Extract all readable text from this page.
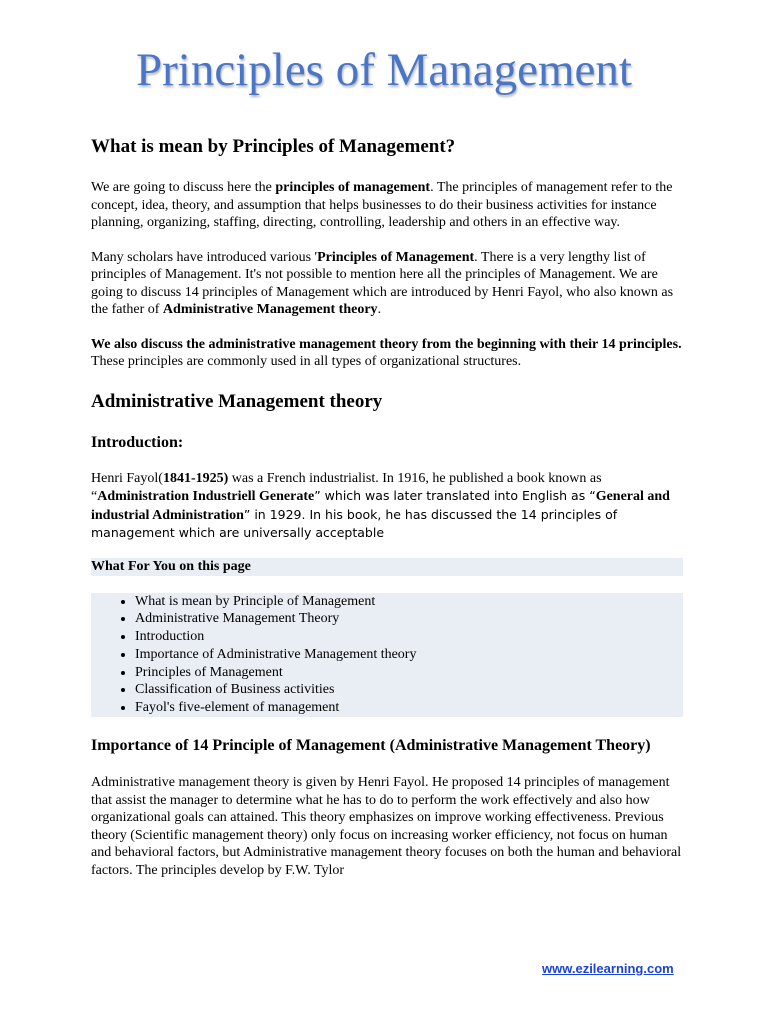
Principles of Management
What is mean by Principles of Management?

We are going to discuss here the principles of management. The principles of management refer to the concept, idea, theory, and assumption that helps businesses to do their business activities for instance planning, organizing, staffing, directing, controlling, leadership and others in an effective way.

Many scholars have introduced various 'Principles of Management. There is a very lengthy list of principles of Management. It's not possible to mention here all the principles of Management. We are going to discuss 14 principles of Management which are introduced by Henri Fayol, who also known as the father of Administrative Management theory.

We also discuss the administrative management theory from the beginning with their 14 principles. These principles are commonly used in all types of organizational structures.

Administrative Management theory
Introduction:

Henri Fayol(1841-1925) was a French industrialist. In 1916, he published a book known as “Administration Industriell Generate” which was later translated into English as “General and industrial Administration” in 1929. In his book, he has discussed the 14 principles of management which are universally acceptable

What For You on this page
• What is mean by Principle of Management
• Administrative Management Theory
• Introduction
• Importance of Administrative Management theory
• Principles of Management
• Classification of Business activities
• Fayol's five-element of management
Importance of 14 Principle of Management (Administrative Management Theory)

Administrative management theory is given by Henri Fayol. He proposed 14 principles of management that assist the manager to determine what he has to do to perform the work effectively and also how organizational goals can attained. This theory emphasizes on improve working effectiveness. Previous theory (Scientific management theory) only focus on increasing worker efficiency, not focus on human and behavioral factors, but Administrative management theory focuses on both the human and behavioral factors. The principles develop by F.W. Tylor

www.ezilearning.com
